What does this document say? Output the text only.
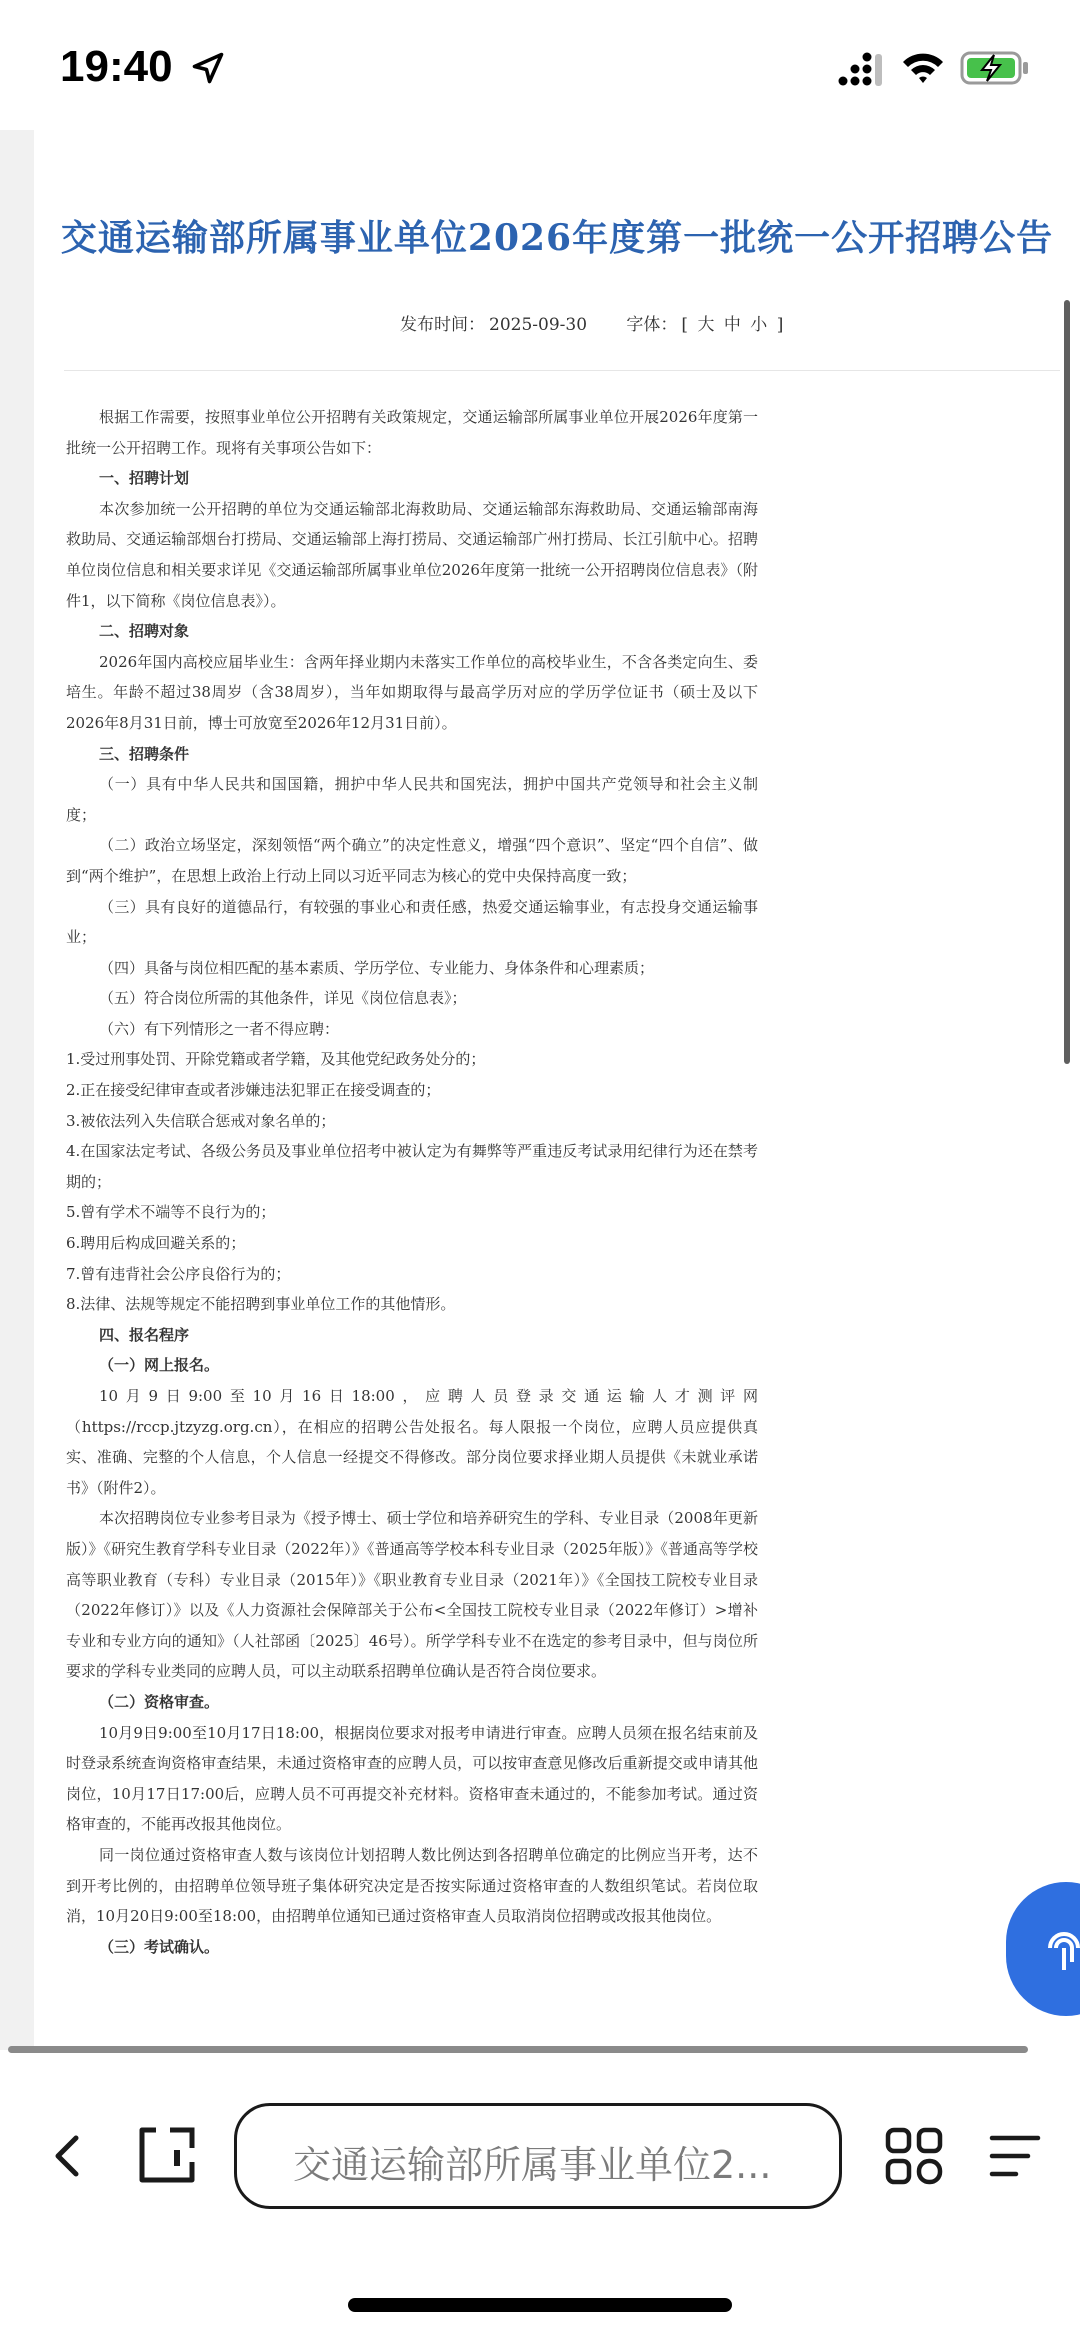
19:40
交通运输部所属事业单位2026年度第一批统一公开招聘公告
发布时间： 2025-09-30 字体： [ 大 中 小 ]

根据工作需要，按照事业单位公开招聘有关政策规定，交通运输部所属事业单位开展2026年度第一批统一公开招聘工作。现将有关事项公告如下：

一、招聘计划

本次参加统一公开招聘的单位为交通运输部北海救助局、交通运输部东海救助局、交通运输部南海救助局、交通运输部烟台打捞局、交通运输部上海打捞局、交通运输部广州打捞局、长江引航中心。招聘单位岗位信息和相关要求详见《交通运输部所属事业单位2026年度第一批统一公开招聘岗位信息表》（附件1，以下简称《岗位信息表》）。

二、招聘对象

2026年国内高校应届毕业生：含两年择业期内未落实工作单位的高校毕业生，不含各类定向生、委培生。年龄不超过38周岁（含38周岁），当年如期取得与最高学历对应的学历学位证书（硕士及以下2026年8月31日前，博士可放宽至2026年12月31日前）。

三、招聘条件

（一）具有中华人民共和国国籍，拥护中华人民共和国宪法，拥护中国共产党领导和社会主义制度；

（二）政治立场坚定，深刻领悟“两个确立”的决定性意义，增强“四个意识”、坚定“四个自信”、做到“两个维护”，在思想上政治上行动上同以习近平同志为核心的党中央保持高度一致；

（三）具有良好的道德品行，有较强的事业心和责任感，热爱交通运输事业，有志投身交通运输事业；

（四）具备与岗位相匹配的基本素质、学历学位、专业能力、身体条件和心理素质；

（五）符合岗位所需的其他条件，详见《岗位信息表》；

（六）有下列情形之一者不得应聘：

1.受过刑事处罚、开除党籍或者学籍，及其他党纪政务处分的；

2.正在接受纪律审查或者涉嫌违法犯罪正在接受调查的；

3.被依法列入失信联合惩戒对象名单的；

4.在国家法定考试、各级公务员及事业单位招考中被认定为有舞弊等严重违反考试录用纪律行为还在禁考期的；

5.曾有学术不端等不良行为的；

6.聘用后构成回避关系的；

7.曾有违背社会公序良俗行为的；

8.法律、法规等规定不能招聘到事业单位工作的其他情形。

四、报名程序

（一）网上报名。

10月9日9:00至10月16日18:00，应聘人员登录交通运输人才测评网（https://rccp.jtzyzg.org.cn），在相应的招聘公告处报名。每人限报一个岗位，应聘人员应提供真实、准确、完整的个人信息，个人信息一经提交不得修改。部分岗位要求择业期人员提供《未就业承诺书》（附件2）。

本次招聘岗位专业参考目录为《授予博士、硕士学位和培养研究生的学科、专业目录（2008年更新版）》《研究生教育学科专业目录（2022年）》《普通高等学校本科专业目录（2025年版）》《普通高等学校高等职业教育（专科）专业目录（2015年）》《职业教育专业目录（2021年）》《全国技工院校专业目录（2022年修订）》以及《人力资源社会保障部关于公布<全国技工院校专业目录（2022年修订）>增补专业和专业方向的通知》（人社部函〔2025〕46号）。所学学科专业不在选定的参考目录中，但与岗位所要求的学科专业类同的应聘人员，可以主动联系招聘单位确认是否符合岗位要求。

（二）资格审查。

10月9日9:00至10月17日18:00，根据岗位要求对报考申请进行审查。应聘人员须在报名结束前及时登录系统查询资格审查结果，未通过资格审查的应聘人员，可以按审查意见修改后重新提交或申请其他岗位，10月17日17:00后，应聘人员不可再提交补充材料。资格审查未通过的，不能参加考试。通过资格审查的，不能再改报其他岗位。

同一岗位通过资格审查人数与该岗位计划招聘人数比例达到各招聘单位确定的比例应当开考，达不到开考比例的，由招聘单位领导班子集体研究决定是否按实际通过资格审查的人数组织笔试。若岗位取消，10月20日9:00至18:00，由招聘单位通知已通过资格审查人员取消岗位招聘或改报其他岗位。

（三）考试确认。

交通运输部所属事业单位2...
